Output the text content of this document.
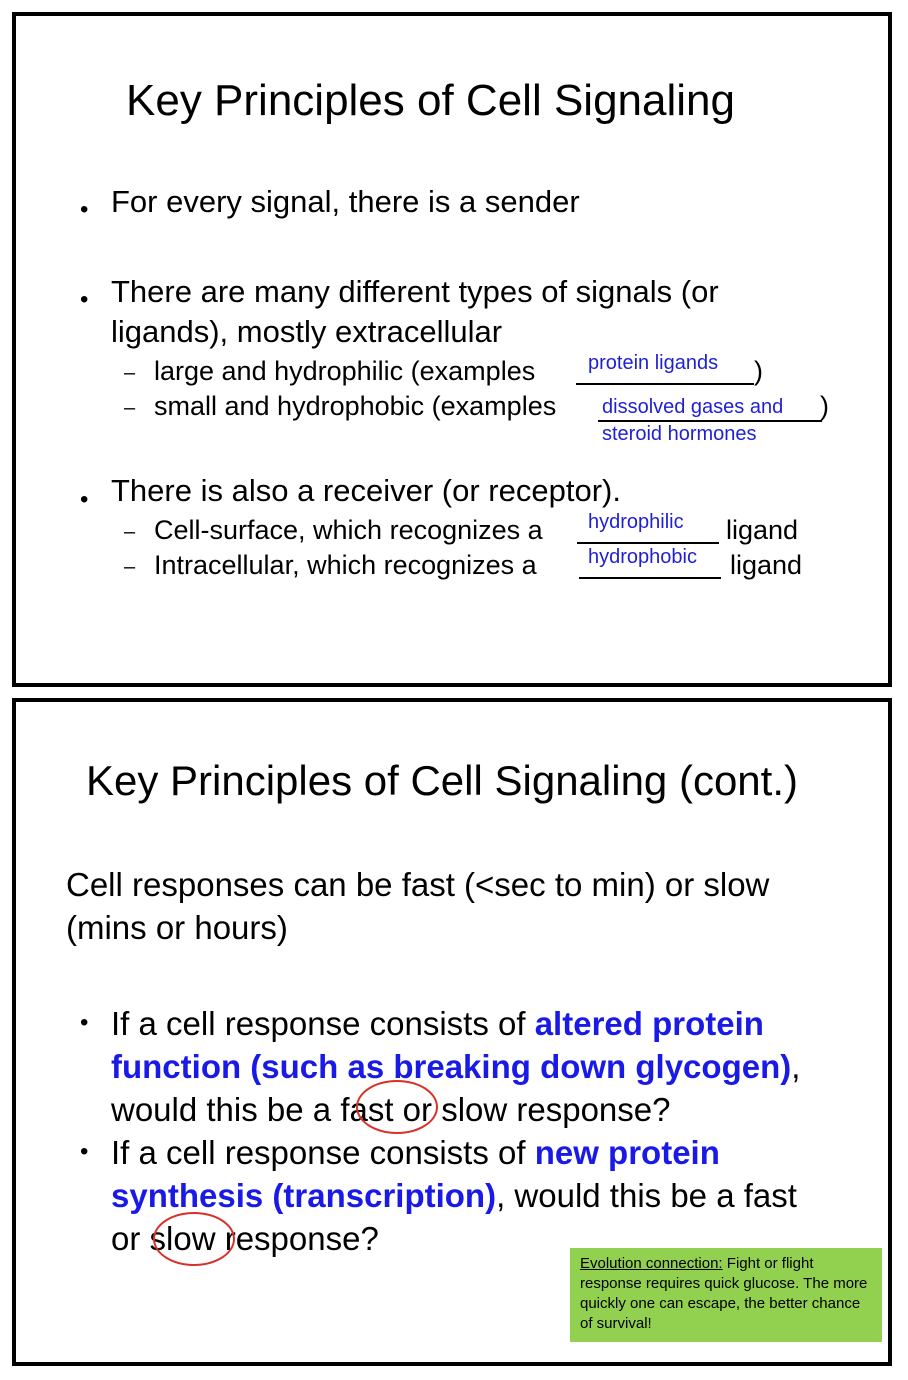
Key Principles of Cell Signaling
• For every signal, there is a sender
• There are many different types of signals (or
ligands), mostly extracellular
– large and hydrophilic (examples	protein ligands )
– small and hydrophobic (examples dissolved gases and
steroid hormones
)
• There is also a receiver (or receptor).
– Cell-surface, which recognizes a hydrophilic ligand
– Intracellular, which recognizes a	hydrophobic ligand
Key Principles of Cell Signaling (cont.)
Cell responses can be fast (<sec to min) or slow
(mins or hours)
• If a cell response consists of altered protein
function (such as breaking down glycogen),
would this be a fast or slow response?
• If a cell response consists of new protein
synthesis (transcription), would this be a fast
or slow response?
Evolution connection: Fight or flight response requires quick glucose. The more quickly one can escape, the better chance of survival!
